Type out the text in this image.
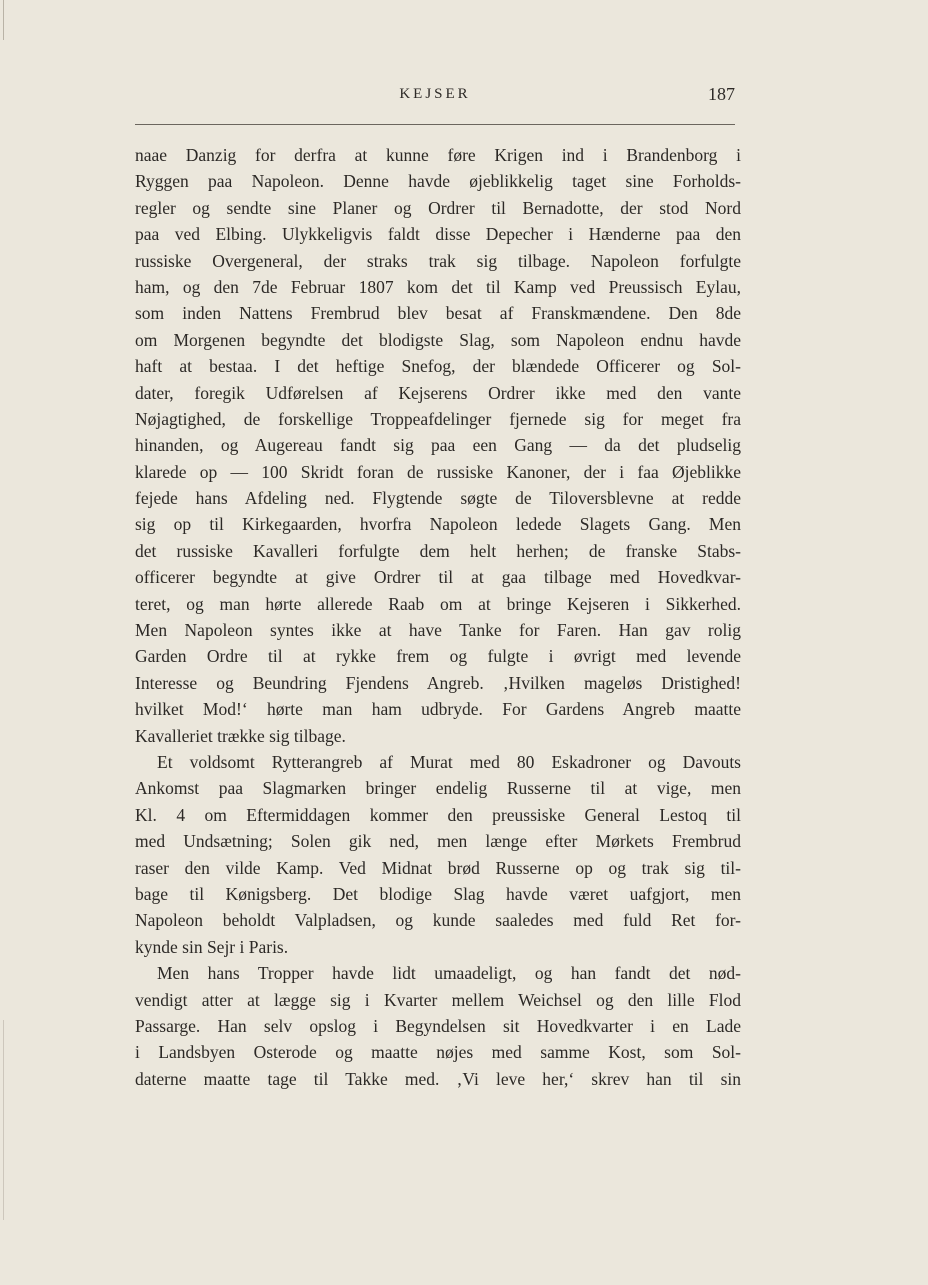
KEJSER	187
naae Danzig for derfra at kunne føre Krigen ind i Brandenborg i
Ryggen paa Napoleon. Denne havde øjeblikkelig taget sine Forholds-
regler og sendte sine Planer og Ordrer til Bernadotte, der stod Nord
paa ved Elbing. Ulykkeligvis faldt disse Depecher i Hænderne paa den
russiske Overgeneral, der straks trak sig tilbage. Napoleon forfulgte
ham, og den 7de Februar 1807 kom det til Kamp ved Preussisch Eylau,
som inden Nattens Frembrud blev besat af Franskmændene. Den 8de
om Morgenen begyndte det blodigste Slag, som Napoleon endnu havde
haft at bestaa. I det heftige Snefog, der blændede Officerer og Sol-
dater, foregik Udførelsen af Kejserens Ordrer ikke med den vante
Nøjagtighed, de forskellige Troppeafdelinger fjernede sig for meget fra
hinanden, og Augereau fandt sig paa een Gang — da det pludselig
klarede op — 100 Skridt foran de russiske Kanoner, der i faa Øjeblikke
fejede hans Afdeling ned. Flygtende søgte de Tiloversblevne at redde
sig op til Kirkegaarden, hvorfra Napoleon ledede Slagets Gang. Men
det russiske Kavalleri forfulgte dem helt herhen; de franske Stabs-
officerer begyndte at give Ordrer til at gaa tilbage med Hovedkvar-
teret, og man hørte allerede Raab om at bringe Kejseren i Sikkerhed.
Men Napoleon syntes ikke at have Tanke for Faren. Han gav rolig
Garden Ordre til at rykke frem og fulgte i øvrigt med levende
Interesse og Beundring Fjendens Angreb. ‚Hvilken mageløs Dristighed!
hvilket Mod!‘ hørte man ham udbryde. For Gardens Angreb maatte
Kavalleriet trække sig tilbage.
Et voldsomt Rytterangreb af Murat med 80 Eskadroner og Davouts
Ankomst paa Slagmarken bringer endelig Russerne til at vige, men
Kl. 4 om Eftermiddagen kommer den preussiske General Lestoq til
med Undsætning; Solen gik ned, men længe efter Mørkets Frembrud
raser den vilde Kamp. Ved Midnat brød Russerne op og trak sig til-
bage til Kønigsberg. Det blodige Slag havde været uafgjort, men
Napoleon beholdt Valpladsen, og kunde saaledes med fuld Ret for-
kynde sin Sejr i Paris.
Men hans Tropper havde lidt umaadeligt, og han fandt det nød-
vendigt atter at lægge sig i Kvarter mellem Weichsel og den lille Flod
Passarge. Han selv opslog i Begyndelsen sit Hovedkvarter i en Lade
i Landsbyen Osterode og maatte nøjes med samme Kost, som Sol-
daterne maatte tage til Takke med. ‚Vi leve her,‘ skrev han til sin
